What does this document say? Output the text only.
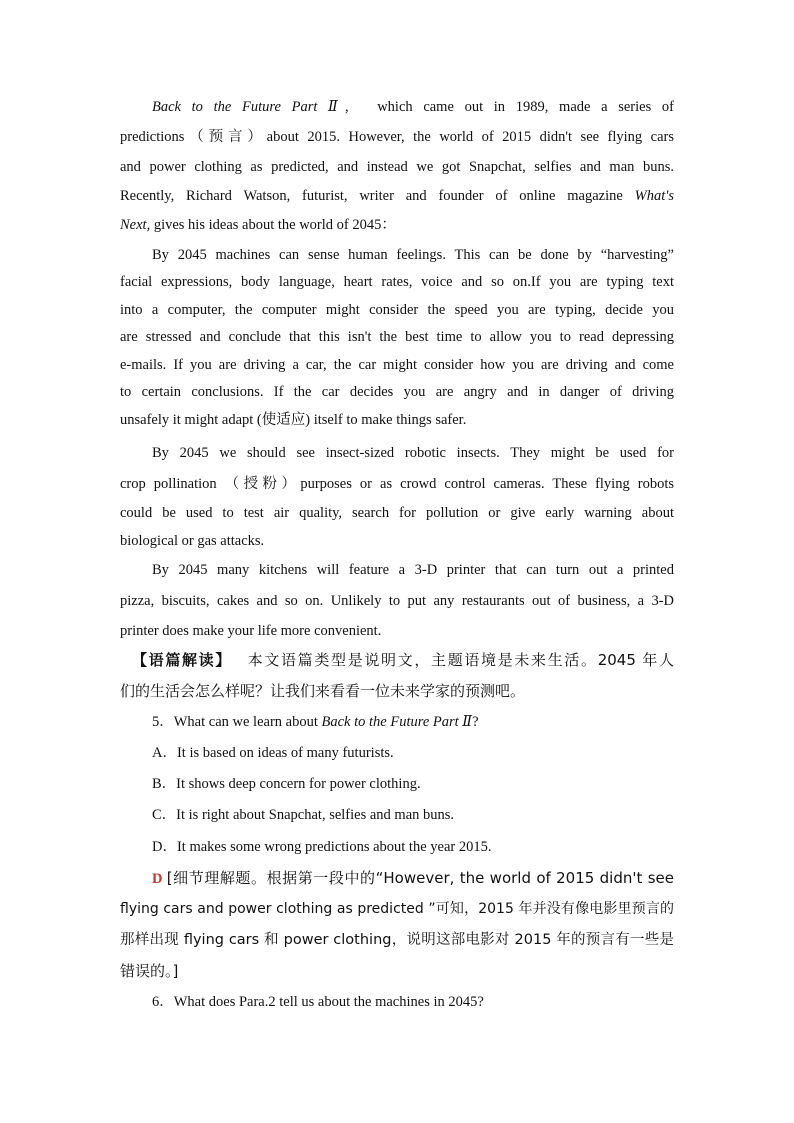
Back to the Future Part Ⅱ,　 which came out in 1989, made a series of
predictions（预言）about 2015. However, the world of 2015 didn't see flying cars
and power clothing as predicted, and instead we got Snapchat, selfies and man buns.
Recently, Richard Watson, futurist, writer and founder of online magazine What's
Next, gives his ideas about the world of 2045：
By 2045 machines can sense human feelings. This can be done by “harvesting”
facial expressions, body language, heart rates, voice and so on.If you are typing text
into a computer, the computer might consider the speed you are typing, decide you
are stressed and conclude that this isn't the best time to allow you to read depressing
e-mails. If you are driving a car, the car might consider how you are driving and come
to certain conclusions. If the car decides you are angry and in danger of driving
unsafely it might adapt (使适应) itself to make things safer.
By 2045 we should see insect-sized robotic insects. They might be used for
crop pollination （授粉）purposes or as crowd control cameras. These flying robots
could be used to test air quality, search for pollution or give early warning about
biological or gas attacks.
By 2045 many kitchens will feature a 3-D printer that can turn out a printed
pizza, biscuits, cakes and so on. Unlikely to put any restaurants out of business, a 3-D
printer does make your life more convenient.
【语篇解读】 本文语篇类型是说明文，主题语境是未来生活。2045 年人
们的生活会怎么样呢？让我们来看看一位未来学家的预测吧。
5．What can we learn about Back to the Future Part Ⅱ?
A．It is based on ideas of many futurists.
B．It shows deep concern for power clothing.
C．It is right about Snapchat, selfies and man buns.
D．It makes some wrong predictions about the year 2015.
D [细节理解题。根据第一段中的“However, the world of 2015 didn't see
flying cars and power clothing as predicted ”可知，2015 年并没有像电影里预言的
那样出现 flying cars 和 power clothing，说明这部电影对 2015 年的预言有一些是
错误的。]
6．What does Para.2 tell us about the machines in 2045?
